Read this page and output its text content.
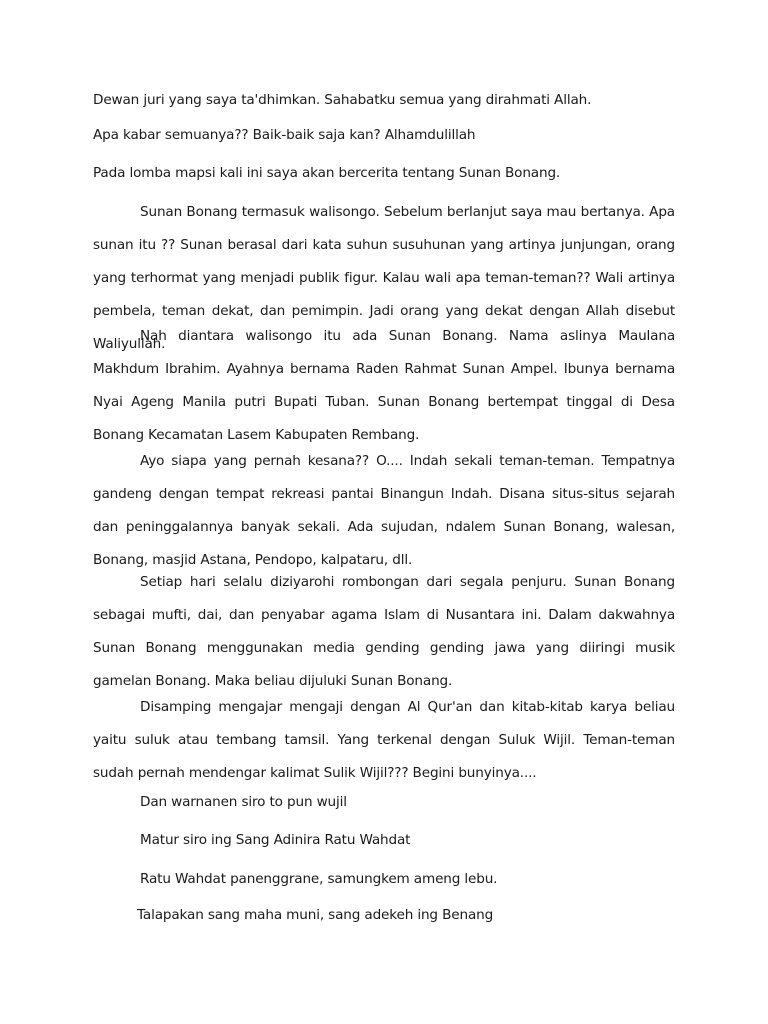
Dewan juri yang saya ta'dhimkan. Sahabatku semua yang dirahmati Allah.
Apa kabar semuanya?? Baik-baik saja kan? Alhamdulillah
Pada lomba mapsi kali ini saya akan bercerita tentang Sunan Bonang.
Sunan Bonang termasuk walisongo. Sebelum berlanjut saya mau bertanya. Apa sunan itu ?? Sunan berasal dari kata suhun susuhunan yang artinya junjungan, orang yang terhormat yang menjadi publik figur. Kalau wali apa teman-teman?? Wali artinya pembela, teman dekat, dan pemimpin. Jadi orang yang dekat dengan Allah disebut Waliyullah.
Nah diantara walisongo itu ada Sunan Bonang. Nama aslinya Maulana Makhdum Ibrahim. Ayahnya bernama Raden Rahmat Sunan Ampel. Ibunya bernama Nyai Ageng Manila putri Bupati Tuban. Sunan Bonang bertempat tinggal di Desa Bonang Kecamatan Lasem Kabupaten Rembang.
Ayo siapa yang pernah kesana?? O.... Indah sekali teman-teman. Tempatnya gandeng dengan tempat rekreasi pantai Binangun Indah. Disana situs-situs sejarah dan peninggalannya banyak sekali. Ada sujudan, ndalem Sunan Bonang, walesan, Bonang, masjid Astana, Pendopo, kalpataru, dll.
Setiap hari selalu diziyarohi rombongan dari segala penjuru. Sunan Bonang sebagai mufti, dai, dan penyabar agama Islam di Nusantara ini. Dalam dakwahnya Sunan Bonang menggunakan media gending gending jawa yang diiringi musik gamelan Bonang. Maka beliau dijuluki Sunan Bonang.
Disamping mengajar mengaji dengan Al Qur'an dan kitab-kitab karya beliau yaitu suluk atau tembang tamsil. Yang terkenal dengan Suluk Wijil. Teman-teman sudah pernah mendengar kalimat Sulik Wijil??? Begini bunyinya....
Dan warnanen siro to pun wujil
Matur siro ing Sang Adinira Ratu Wahdat
Ratu Wahdat panenggrane, samungkem ameng lebu.
Talapakan sang maha muni, sang adekeh ing Benang
